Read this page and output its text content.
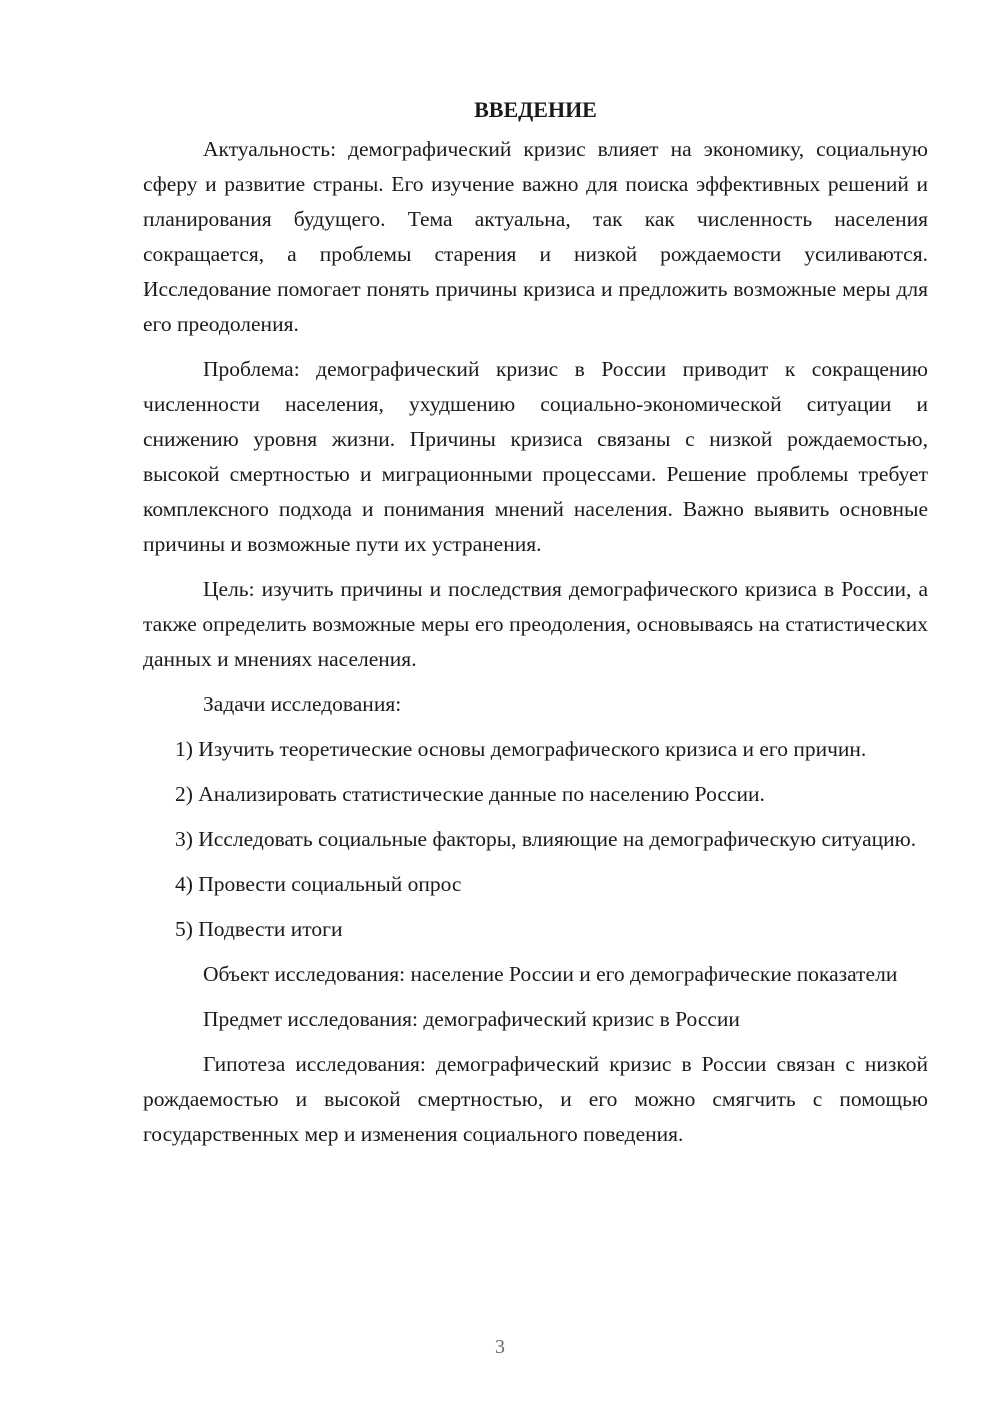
ВВЕДЕНИЕ

Актуальность: демографический кризис влияет на экономику, социальную сферу и развитие страны. Его изучение важно для поиска эффективных решений и планирования будущего. Тема актуальна, так как численность населения сокращается, а проблемы старения и низкой рождаемости усиливаются. Исследование помогает понять причины кризиса и предложить возможные меры для его преодоления.

Проблема: демографический кризис в России приводит к сокращению численности населения, ухудшению социально-экономической ситуации и снижению уровня жизни. Причины кризиса связаны с низкой рождаемостью, высокой смертностью и миграционными процессами. Решение проблемы требует комплексного подхода и понимания мнений населения. Важно выявить основные причины и возможные пути их устранения.

Цель: изучить причины и последствия демографического кризиса в России, а также определить возможные меры его преодоления, основываясь на статистических данных и мнениях населения.

Задачи исследования:

1) Изучить теоретические основы демографического кризиса и его причин.

2) Анализировать статистические данные по населению России.

3) Исследовать социальные факторы, влияющие на демографическую ситуацию.

4) Провести социальный опрос

5) Подвести итоги

Объект исследования: население России и его демографические показатели

Предмет исследования: демографический кризис в России

Гипотеза исследования: демографический кризис в России связан с низкой рождаемостью и высокой смертностью, и его можно смягчить с помощью государственных мер и изменения социального поведения.

3
